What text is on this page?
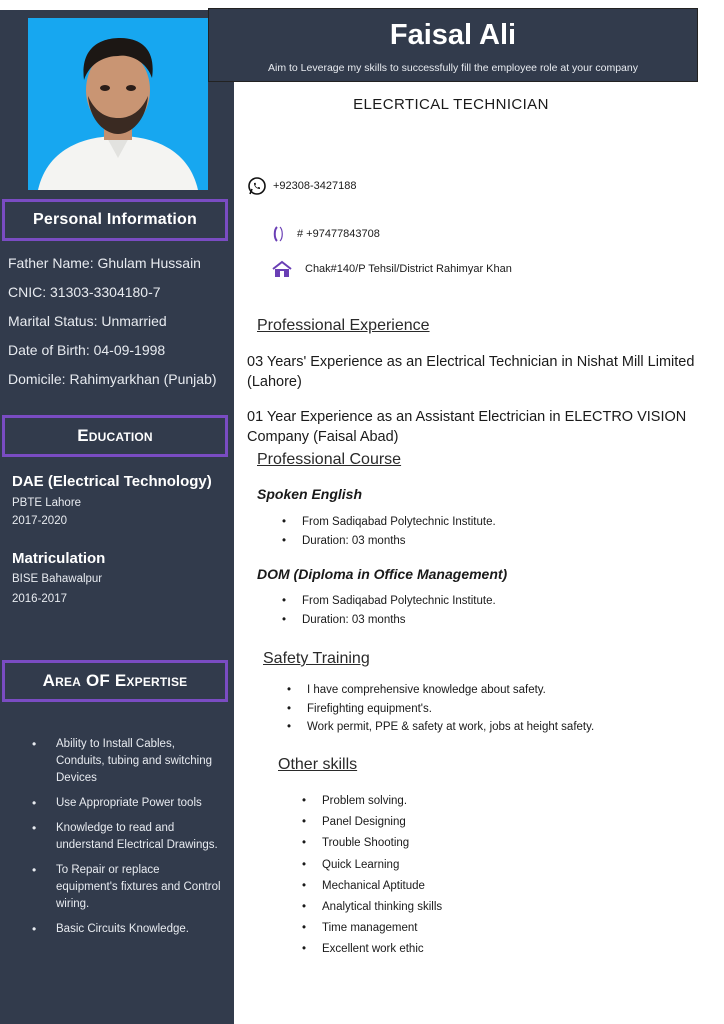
Personal Information
Father Name: Ghulam Hussain
CNIC: 31303-3304180-7
Marital Status: Unmarried
Date of Birth: 04-09-1998
Domicile: Rahimyarkhan (Punjab)
Education
DAE (Electrical Technology)
PBTE Lahore
2017-2020
Matriculation
BISE Bahawalpur
2016-2017
Area OF Expertise
• Ability to Install Cables, Conduits, tubing and switching Devices
• Use Appropriate Power tools
• Knowledge to read and understand Electrical Drawings.
• To Repair or replace equipment's fixtures and Control wiring.
• Basic Circuits Knowledge.
Faisal Ali
Aim to Leverage my skills to successfully fill the employee role at your company
ELECRTICAL TECHNICIAN
+92308-3427188
# +97477843708
Chak#140/P Tehsil/District Rahimyar Khan
Professional Experience
03 Years' Experience as an Electrical Technician in Nishat Mill Limited (Lahore)
01 Year Experience as an Assistant Electrician in ELECTRO VISION Company (Faisal Abad)
Professional Course
Spoken English
• From Sadiqabad Polytechnic Institute.
• Duration: 03 months
DOM (Diploma in Office Management)
• From Sadiqabad Polytechnic Institute.
• Duration: 03 months
Safety Training
• I have comprehensive knowledge about safety.
• Firefighting equipment's.
• Work permit, PPE & safety at work, jobs at height safety.
Other skills
• Problem solving.
• Panel Designing
• Trouble Shooting
• Quick Learning
• Mechanical Aptitude
• Analytical thinking skills
• Time management
• Excellent work ethic
